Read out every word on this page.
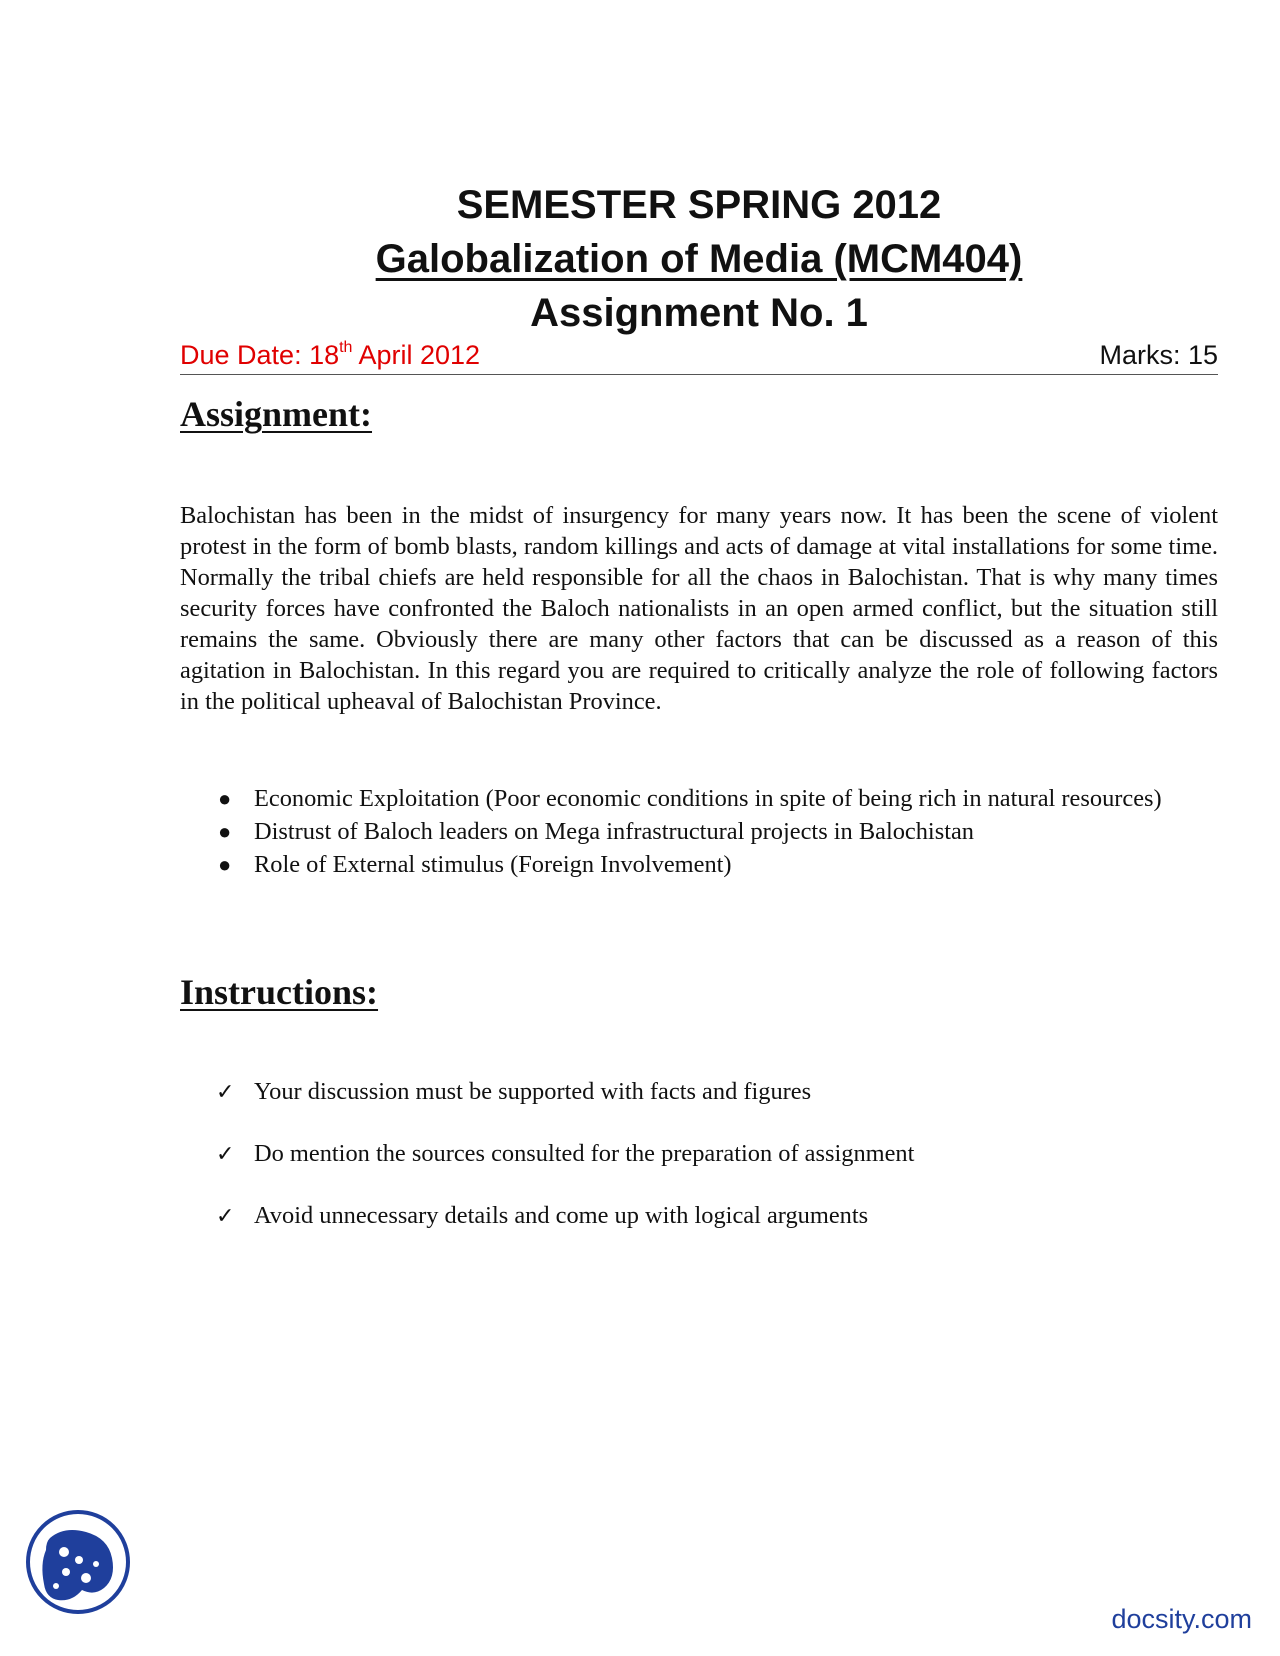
SEMESTER SPRING 2012

Galobalization of Media (MCM404)

Assignment No. 1

Due Date: 18th April 2012	Marks: 15
Assignment:

Balochistan has been in the midst of insurgency for many years now. It has been the scene of violent protest in the form of bomb blasts, random killings and acts of damage at vital installations for some time. Normally the tribal chiefs are held responsible for all the chaos in Balochistan. That is why many times security forces have confronted the Baloch nationalists in an open armed conflict, but the situation still remains the same. Obviously there are many other factors that can be discussed as a reason of this agitation in Balochistan. In this regard you are required to critically analyze the role of following factors in the political upheaval of Balochistan Province.

● Economic Exploitation (Poor economic conditions in spite of being rich in natural resources)
● Distrust of Baloch leaders on Mega infrastructural projects in Balochistan
● Role of External stimulus (Foreign Involvement)
Instructions:
✓ Your discussion must be supported with facts and figures
✓ Do mention the sources consulted for the preparation of assignment
✓ Avoid unnecessary details and come up with logical arguments
docsity.com
